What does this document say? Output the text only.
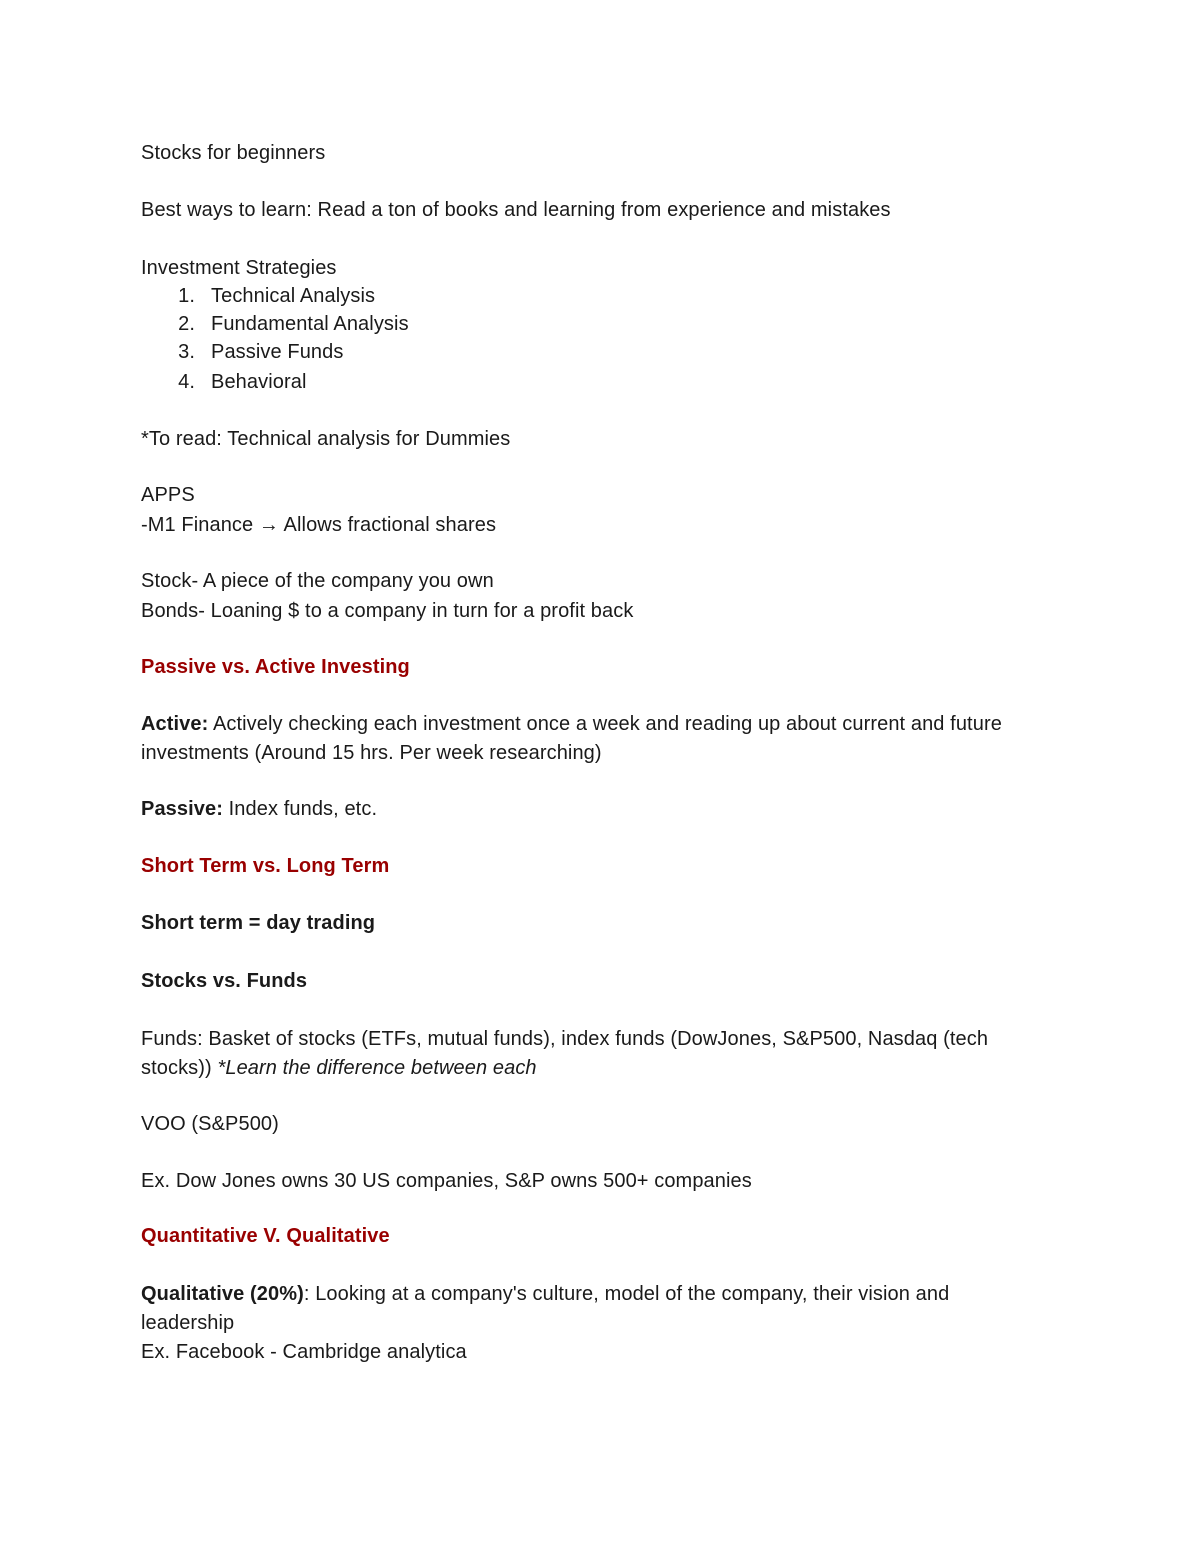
Stocks for beginners
Best ways to learn: Read a ton of books and learning from experience and mistakes
Investment Strategies
1. Technical Analysis
2. Fundamental Analysis
3. Passive Funds
4. Behavioral
*To read: Technical analysis for Dummies
APPS
-M1 Finance → Allows fractional shares
Stock- A piece of the company you own
Bonds- Loaning $ to a company in turn for a profit back
Passive vs. Active Investing
Active: Actively checking each investment once a week and reading up about current and future investments (Around 15 hrs. Per week researching)
Passive: Index funds, etc.
Short Term vs. Long Term
Short term = day trading
Stocks vs. Funds
Funds: Basket of stocks (ETFs, mutual funds), index funds (DowJones, S&P500, Nasdaq (tech stocks)) *Learn the difference between each
VOO (S&P500)
Ex. Dow Jones owns 30 US companies, S&P owns 500+ companies
Quantitative V. Qualitative
Qualitative (20%): Looking at a company's culture, model of the company, their vision and leadership
Ex. Facebook - Cambridge analytica
